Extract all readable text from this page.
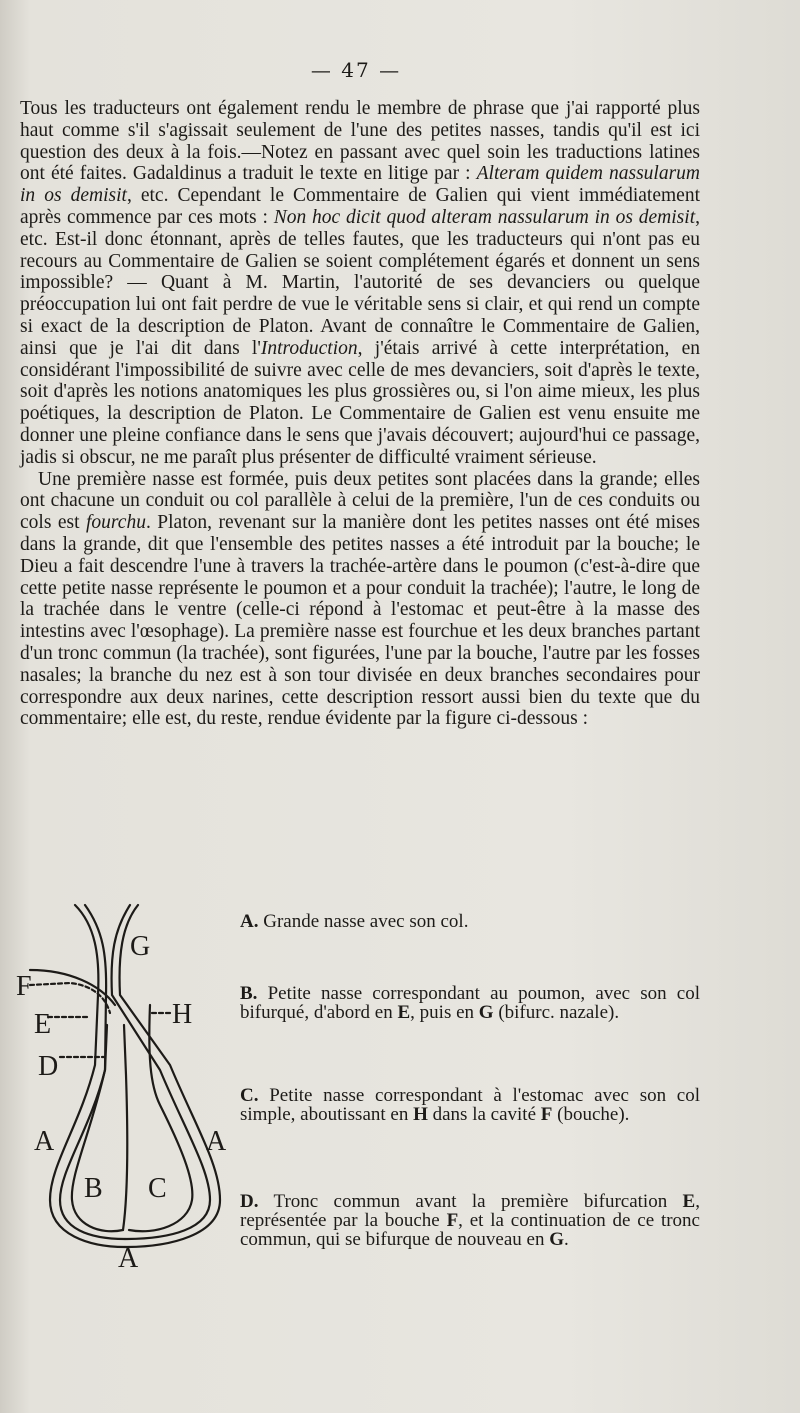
— 47 —

Tous les traducteurs ont également rendu le membre de phrase que j'ai rapporté plus haut comme s'il s'agissait seulement de l'une des petites nasses, tandis qu'il est ici question des deux à la fois.—Notez en passant avec quel soin les traductions latines ont été faites. Gadaldinus a traduit le texte en litige par : Alteram quidem nassularum in os demisit, etc. Cependant le Commentaire de Galien qui vient immédiatement après commence par ces mots : Non hoc dicit quod alteram nassularum in os demisit, etc. Est-il donc étonnant, après de telles fautes, que les traducteurs qui n'ont pas eu recours au Commentaire de Galien se soient complétement égarés et donnent un sens impossible? — Quant à M. Martin, l'autorité de ses devanciers ou quelque préoccupation lui ont fait perdre de vue le véritable sens si clair, et qui rend un compte si exact de la description de Platon. Avant de connaître le Commentaire de Galien, ainsi que je l'ai dit dans l'Introduction, j'étais arrivé à cette interprétation, en considérant l'impossibilité de suivre avec celle de mes devanciers, soit d'après le texte, soit d'après les notions anatomiques les plus grossières ou, si l'on aime mieux, les plus poétiques, la description de Platon. Le Commentaire de Galien est venu ensuite me donner une pleine confiance dans le sens que j'avais découvert; aujourd'hui ce passage, jadis si obscur, ne me paraît plus présenter de difficulté vraiment sérieuse.

Une première nasse est formée, puis deux petites sont placées dans la grande; elles ont chacune un conduit ou col parallèle à celui de la première, l'un de ces conduits ou cols est fourchu. Platon, revenant sur la manière dont les petites nasses ont été mises dans la grande, dit que l'ensemble des petites nasses a été introduit par la bouche; le Dieu a fait descendre l'une à travers la trachée-artère dans le poumon (c'est-à-dire que cette petite nasse représente le poumon et a pour conduit la trachée); l'autre, le long de la trachée dans le ventre (celle-ci répond à l'estomac et peut-être à la masse des intestins avec l'œsophage). La première nasse est fourchue et les deux branches partant d'un tronc commun (la trachée), sont figurées, l'une par la bouche, l'autre par les fosses nasales; la branche du nez est à son tour divisée en deux branches secondaires pour correspondre aux deux narines, cette description ressort aussi bien du texte que du commentaire; elle est, du reste, rendue évidente par la figure ci-dessous :

G
F
H
E
D
A	A
B C
A
A. Grande nasse avec son col.
B. Petite nasse correspondant au poumon, avec son col bifurqué, d'abord en E, puis en G (bifurc. nazale).
C. Petite nasse correspondant à l'estomac avec son col simple, aboutissant en H dans la cavité F (bouche).
D. Tronc commun avant la première bifurcation E, représentée par la bouche F, et la continuation de ce tronc commun, qui se bifurque de nouveau en G.
